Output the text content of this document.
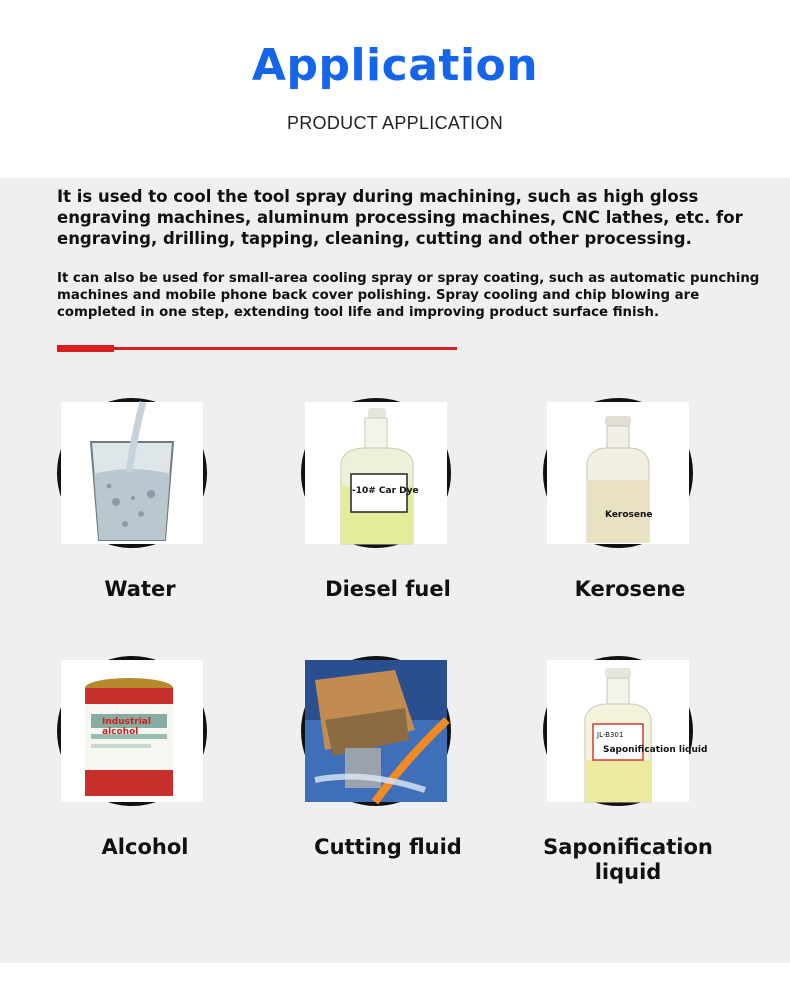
Application
PRODUCT APPLICATION
It is used to cool the tool spray during machining, such as high gloss engraving machines, aluminum processing machines, CNC lathes, etc. for engraving, drilling, tapping, cleaning, cutting and other processing.
It can also be used for small-area cooling spray or spray coating, such as automatic punching machines and mobile phone back cover polishing. Spray cooling and chip blowing are completed in one step, extending tool life and improving product surface finish.
Water
-10# Car Dye
Diesel fuel
Kerosene
Kerosene
Industrial alcohol
Alcohol	Cutting fluid
JL-B301
Saponification liquid
Saponification liquid
